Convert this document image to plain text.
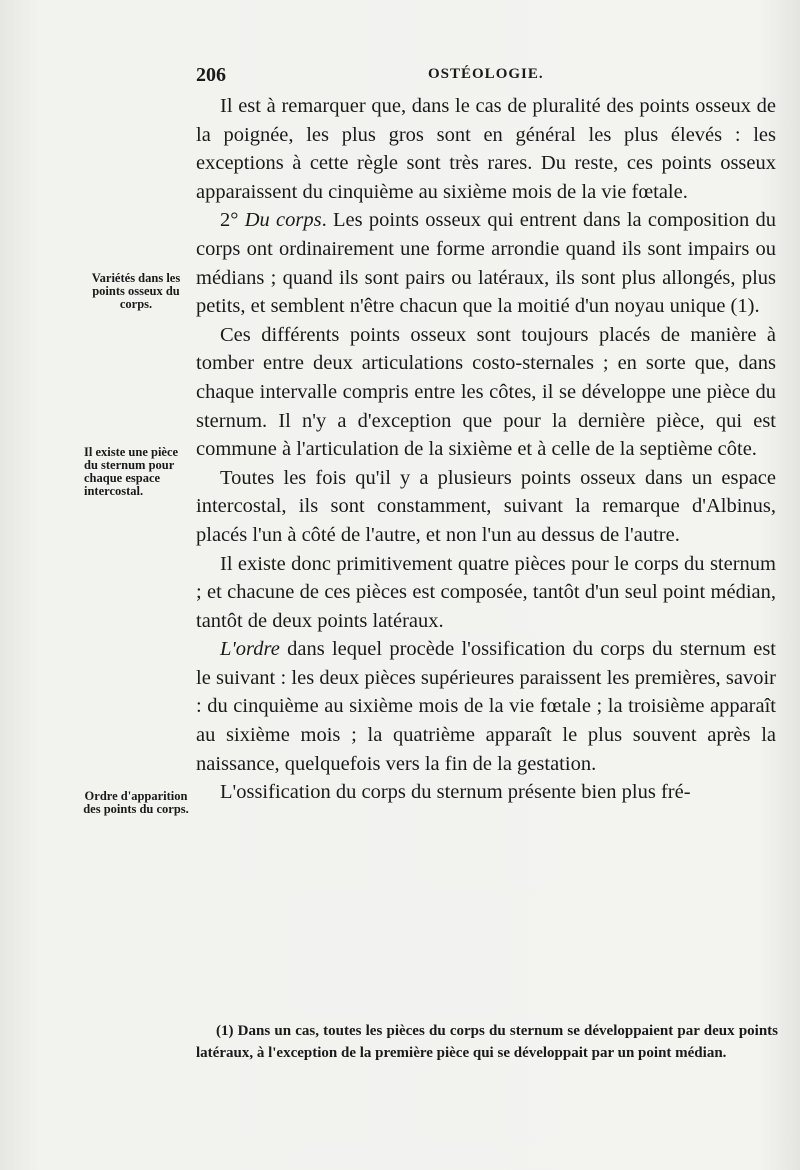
206	OSTÉOLOGIE.
Variétés dans les points osseux du corps.
Il existe une pièce du sternum pour chaque espace intercostal.
Ordre d'apparition des points du corps.

Il est à remarquer que, dans le cas de pluralité des points osseux de la poignée, les plus gros sont en général les plus élevés : les exceptions à cette règle sont très rares. Du reste, ces points osseux apparaissent du cinquième au sixième mois de la vie fœtale.

2° Du corps. Les points osseux qui entrent dans la composition du corps ont ordinairement une forme arrondie quand ils sont impairs ou médians ; quand ils sont pairs ou latéraux, ils sont plus allongés, plus petits, et semblent n'être chacun que la moitié d'un noyau unique (1).

Ces différents points osseux sont toujours placés de manière à tomber entre deux articulations costo-sternales ; en sorte que, dans chaque intervalle compris entre les côtes, il se développe une pièce du sternum. Il n'y a d'exception que pour la dernière pièce, qui est commune à l'articulation de la sixième et à celle de la septième côte.

Toutes les fois qu'il y a plusieurs points osseux dans un espace intercostal, ils sont constamment, suivant la remarque d'Albinus, placés l'un à côté de l'autre, et non l'un au dessus de l'autre.

Il existe donc primitivement quatre pièces pour le corps du sternum ; et chacune de ces pièces est composée, tantôt d'un seul point médian, tantôt de deux points latéraux.

L'ordre dans lequel procède l'ossification du corps du sternum est le suivant : les deux pièces supérieures paraissent les premières, savoir : du cinquième au sixième mois de la vie fœtale ; la troisième apparaît au sixième mois ; la quatrième apparaît le plus souvent après la naissance, quelquefois vers la fin de la gestation.

L'ossification du corps du sternum présente bien plus fré-

(1) Dans un cas, toutes les pièces du corps du sternum se développaient par deux points latéraux, à l'exception de la première pièce qui se développait par un point médian.
